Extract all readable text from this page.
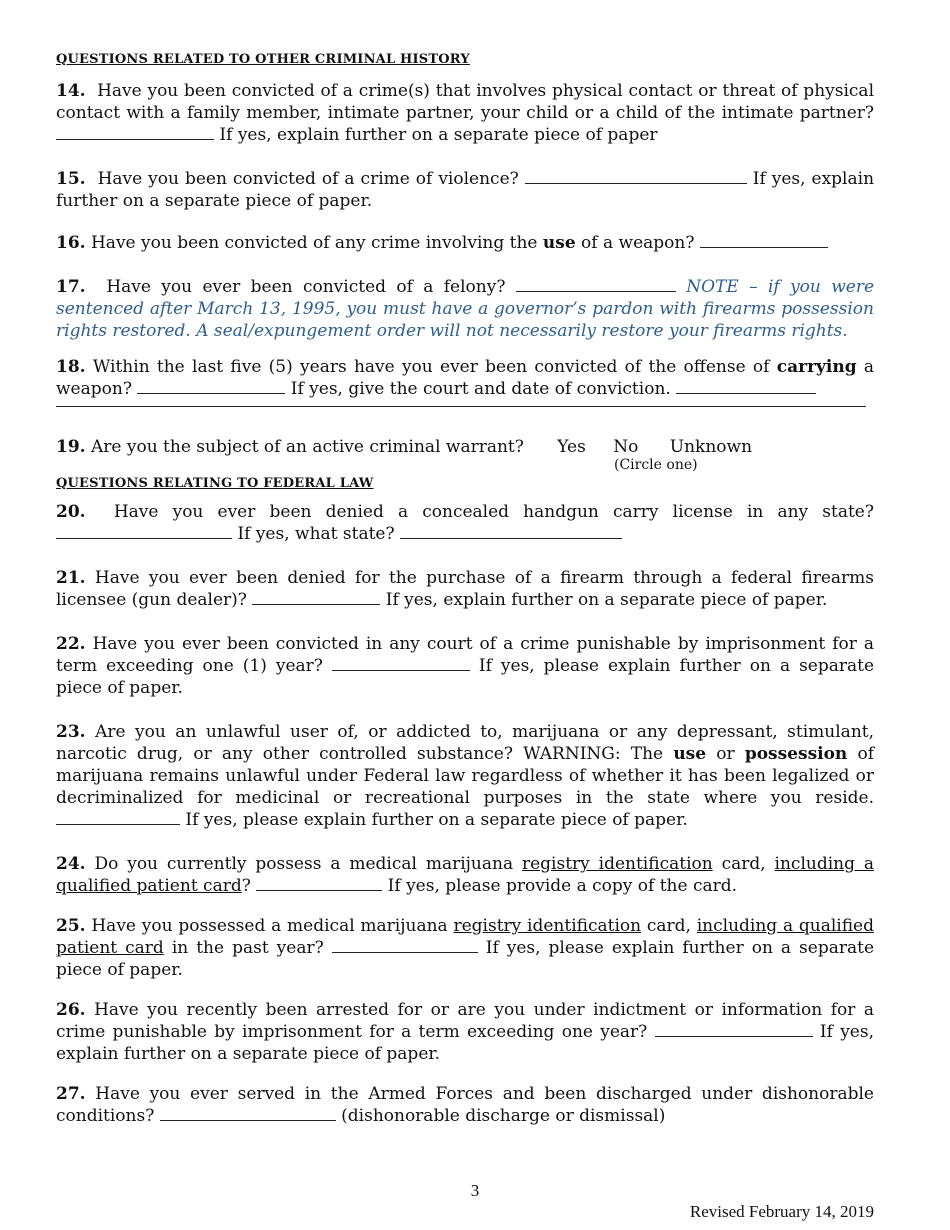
QUESTIONS RELATED TO OTHER CRIMINAL HISTORY

14. Have you been convicted of a crime(s) that involves physical contact or threat of physical contact with a family member, intimate partner, your child or a child of the intimate partner?  If yes, explain further on a separate piece of paper

15. Have you been convicted of a crime of violence?	If yes, explain further on a separate piece of paper.

16. Have you been convicted of any crime involving the use of a weapon?

17. Have you ever been convicted of a felony?	NOTE – if you were sentenced after March 13, 1995, you must have a governor’s pardon with firearms possession rights restored. A seal/expungement order will not necessarily restore your firearms rights.

18. Within the last five (5) years have you ever been convicted of the offense of carrying a weapon?	If yes, give the court and date of conviction.

19. Are you the subject of an active criminal warrant? Yes No Unknown

(Circle one)

QUESTIONS RELATING TO FEDERAL LAW

20. Have you ever been denied a concealed handgun carry license in any state?  If yes, what state?

21. Have you ever been denied for the purchase of a firearm through a federal firearms licensee (gun dealer)?	If yes, explain further on a separate piece of paper.

22. Have you ever been convicted in any court of a crime punishable by imprisonment for a term exceeding one (1) year?	If yes, please explain further on a separate piece of paper.

23. Are you an unlawful user of, or addicted to, marijuana or any depressant, stimulant, narcotic drug, or any other controlled substance? WARNING: The use or possession of marijuana remains unlawful under Federal law regardless of whether it has been legalized or decriminalized for medicinal or recreational purposes in the state where you reside.  If yes, please explain further on a separate piece of paper.

24. Do you currently possess a medical marijuana registry identification card, including a qualified patient card?	If yes, please provide a copy of the card.

25. Have you possessed a medical marijuana registry identification card, including a qualified patient card in the past year?	If yes, please explain further on a separate piece of paper.

26. Have you recently been arrested for or are you under indictment or information for a crime punishable by imprisonment for a term exceeding one year?	If yes, explain further on a separate piece of paper.

27. Have you ever served in the Armed Forces and been discharged under dishonorable conditions?	(dishonorable discharge or dismissal)

3
Revised February 14, 2019
